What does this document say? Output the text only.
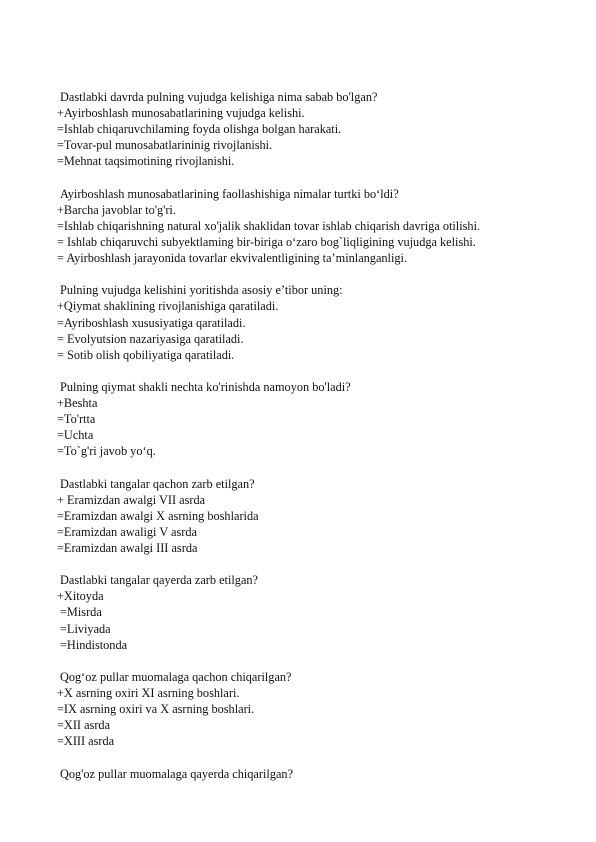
Dastlabki davrda pulning vujudga kelishiga nima sabab bo'lgan?
+Ayirboshlash munosabatlarining vujudga kelishi.
=Ishlab chiqaruvchilaming foyda olishga bolgan harakati.
=Tovar-pul munosabatlarininig rivojlanishi.
=Mehnat taqsimotining rivojlanishi.
Ayirboshlash munosabatlarining faollashishiga nimalar turtki bo‘ldi?
+Barcha javoblar to'g'ri.
=Ishlab chiqarishning natural xo'jalik shaklidan tovar ishlab chiqarish davriga otilishi.
= Ishlab chiqaruvchi subyektlaming bir-biriga o‘zaro bog`liqligining vujudga kelishi.
= Ayirboshlash jarayonida tovarlar ekvivalentligining ta’minlanganligi.
Pulning vujudga kelishini yoritishda asosiy e’tibor uning:
+Qiymat shaklining rivojlanishiga qaratiladi.
=Ayriboshlash xususiyatiga qaratiladi.
= Evolyutsion nazariyasiga qaratiladi.
= Sotib olish qobiliyatiga qaratiladi.
Pulning qiymat shakli nechta ko'rinishda namoyon bo'ladi?
+Beshta
=To'rtta
=Uchta
=To`g'ri javob yo‘q.
Dastlabki tangalar qachon zarb etilgan?
+ Eramizdan awalgi VII asrda
=Eramizdan awalgi X asrning boshlarida
=Eramizdan awaligi V asrda
=Eramizdan awalgi III asrda
Dastlabki tangalar qayerda zarb etilgan?
+Xitoyda
=Misrda
=Liviyada
=Hindistonda
Qog‘oz pullar muomalaga qachon chiqarilgan?
+X asrning oxiri XI asrning boshlari.
=IX asrning oxiri va X asrning boshlari.
=XII asrda
=XIII asrda
Qog'oz pullar muomalaga qayerda chiqarilgan?
